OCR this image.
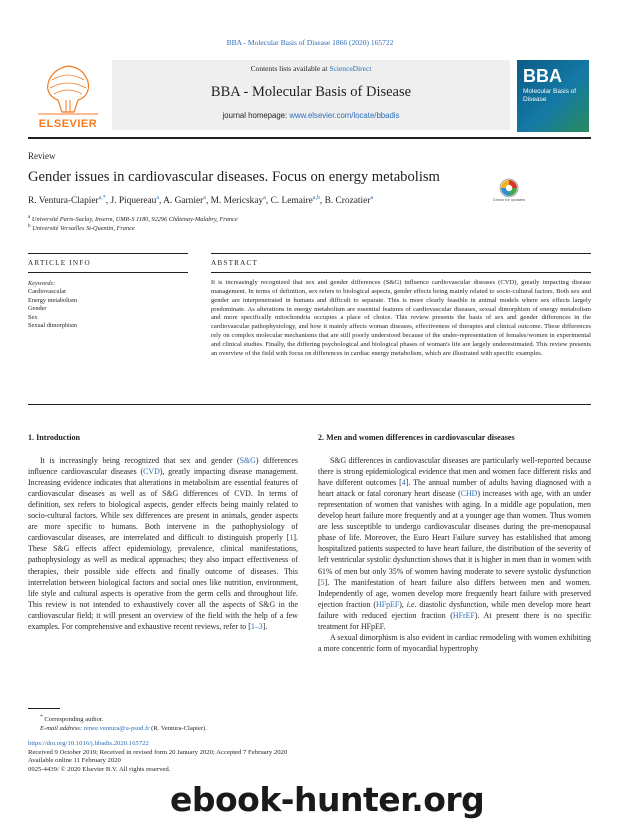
BBA - Molecular Basis of Disease 1866 (2020) 165722
ELSEVIER
Contents lists available at ScienceDirect
BBA - Molecular Basis of Disease
journal homepage: www.elsevier.com/locate/bbadis
BBA
Molecular Basis of Disease
Review
Gender issues in cardiovascular diseases. Focus on energy metabolism
Check for updates
R. Ventura-Clapier$^{a,*}$, J. Piquereau$^a$, A. Garnier$^a$, M. Mericskay$^a$, C. Lemaire$^{a,b}$, B. Crozatier$^a$
$^a$ Université Paris-Saclay, Inserm, UMR-S 1180, 92296 Châtenay-Malabry, France
$^b$ Université Versailles St-Quentin, France
ARTICLE INFO	ABSTRACT
Keywords:
Cardiovascular
Energy metabolism
Gender
Sex
Sexual dimorphism
It is increasingly recognized that sex and gender differences (S&G) influence cardiovascular diseases (CVD), greatly impacting disease management. In terms of definition, sex refers to biological aspects, gender effects being mainly related to socio-cultural factors. Both sex and gender are interpenetrated in humans and difficult to separate. This is more clearly feasible in animal models where sex effects largely predominate. As alterations in energy metabolism are essential features of cardiovascular diseases, sexual dimorphism of energy metabolism and more specifically mitochondria occupies a place of choice. This review presents the basis of sex and gender differences in the cardiovascular pathophysiology, and how it mainly affects woman diseases, effectiveness of therapies and clinical outcome. These differences rely on complex molecular mechanisms that are still poorly understood because of the under-representation of females/women in experimental and clinical studies. Finally, the differing psychological and biological phases of woman's life are largely underestimated. This review presents an overview of the field with focus on differences in cardiac energy metabolism, which are illustrated with specific examples.
1. Introduction

It is increasingly being recognized that sex and gender (S&G) differences influence cardiovascular diseases (CVD), greatly impacting disease management. Increasing evidence indicates that alterations in metabolism are essential features of cardiovascular diseases as well as of S&G differences of CVD. In terms of definition, sex refers to biological aspects, gender effects being mainly related to socio-cultural factors. While sex differences are present in animals, gender aspects are more specific to humans. Both intervene in the pathophysiology of cardiovascular diseases, are interrelated and difficult to distinguish properly [1]. These S&G effects affect epidemiology, prevalence, clinical manifestations, pathophysiology as well as medical approaches; they also impact effectiveness of therapies, their possible side effects and finally outcome of diseases. This interrelation between biological factors and social ones like nutrition, environment, life style and cultural aspects is operative from the germ cells and throughout life. This review is not intended to exhaustively cover all the aspects of S&G in the cardiovascular field; it will present an overview of the field with the help of a few examples. For comprehensive and exhaustive recent reviews, refer to [1–3].

2. Men and women differences in cardiovascular diseases

S&G differences in cardiovascular diseases are particularly well-reported because there is strong epidemiological evidence that men and women face different risks and have different outcomes [4]. The annual number of adults having diagnosed with a heart attack or fatal coronary heart disease (CHD) increases with age, with an under representation of women that vanishes with aging. In a middle age population, men develop heart failure more frequently and at a younger age than women. Thus women are less susceptible to undergo cardiovascular diseases during the pre-menopausal phase of life. Moreover, the Euro Heart Failure survey has established that among hospitalized patients suspected to have heart failure, the distribution of the severity of left ventricular systolic dysfunction shows that it is higher in men than in women with 61% of men but only 35% of women having moderate to severe systolic dysfunction [5]. The manifestation of heart failure also differs between men and women. Independently of age, women develop more frequently heart failure with preserved ejection fraction (HFpEF), i.e. diastolic dysfunction, while men develop more heart failure with reduced ejection fraction (HFrEF). At present there is no specific treatment for HFpEF.

A sexual dimorphism is also evident in cardiac remodeling with women exhibiting a more concentric form of myocardial hypertrophy

* Corresponding author.
E-mail address: renee.ventura@u-psud.fr (R. Ventura-Clapier).
https://doi.org/10.1016/j.bbadis.2020.165722
Received 9 October 2019; Received in revised form 20 January 2020; Accepted 7 February 2020
Available online 11 February 2020
0925-4439/ © 2020 Elsevier B.V. All rights reserved.
ebook-hunter.org
